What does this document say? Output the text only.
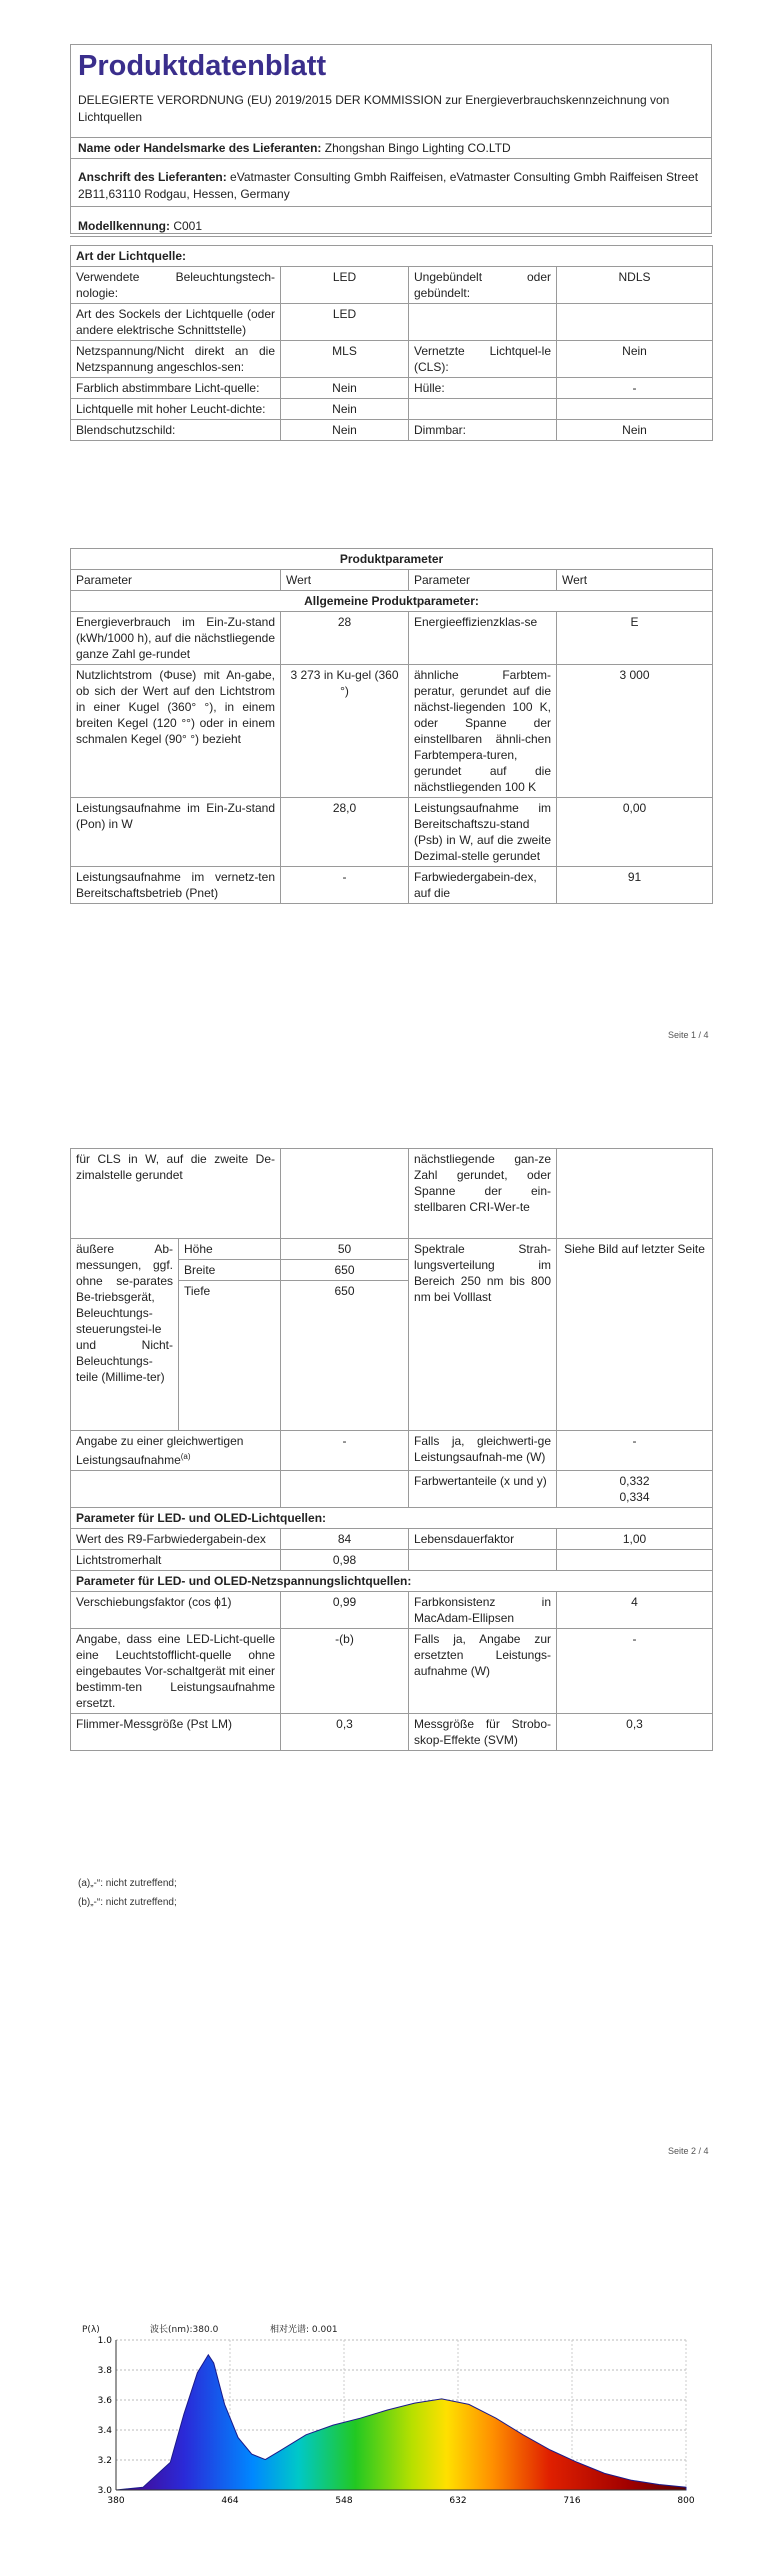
Produktdatenblatt
DELEGIERTE VERORDNUNG (EU) 2019/2015 DER KOMMISSION zur Energieverbrauchskennzeichnung von Lichtquellen
Name oder Handelsmarke des Lieferanten: Zhongshan Bingo Lighting CO.LTD
Anschrift des Lieferanten: eVatmaster Consulting Gmbh Raiffeisen, eVatmaster Consulting Gmbh Raiffeisen Street 2B11,63110 Rodgau, Hessen, Germany
Modellkennung: C001
Art der Lichtquelle:			
Verwendete Beleuchtungstech-nologie:	LED	Ungebündelt oder gebündelt:	NDLS
Art des Sockels der Lichtquelle (oder andere elektrische Schnittstelle)	LED		
Netzspannung/Nicht direkt an die Netzspannung angeschlos-sen:	MLS	Vernetzte Lichtquel-le (CLS):	Nein
Farblich abstimmbare Licht-quelle:	Nein	Hülle:	-
Lichtquelle mit hoher Leucht-dichte:	Nein		
Blendschutzschild:	Nein	Dimmbar:	Nein
Produktparameter			
Parameter	Wert	Parameter	Wert
Allgemeine Produktparameter:			
Energieverbrauch im Ein-Zu-stand (kWh/1000 h), auf die nächstliegende ganze Zahl ge-rundet	28	Energieeffizienzklas-se	E
Nutzlichtstrom (Φuse) mit An-gabe, ob sich der Wert auf den Lichtstrom in einer Kugel (360° °), in einem breiten Kegel (120 °°) oder in einem schmalen Kegel (90° °) bezieht	3 273 in Ku-gel (360 °)	ähnliche Farbtem-peratur, gerundet auf die nächst-liegenden 100 K, oder Spanne der einstellbaren ähnli-chen Farbtempera-turen, gerundet auf die nächstliegenden 100 K	3 000
Leistungsaufnahme im Ein-Zu-stand (Pon) in W	28,0	Leistungsaufnahme im Bereitschaftszu-stand (Psb) in W, auf die zweite Dezimal-stelle gerundet	0,00
Leistungsaufnahme im vernetz-ten Bereitschaftsbetrieb (Pnet)	-	Farbwiedergabein-dex, auf die	91
Seite 1 / 4
für CLS in W, auf die zweite De-zimalstelle gerundet			nächstliegende gan-ze Zahl gerundet, oder Spanne der ein-stellbaren CRI-Wer-te	
äußere Ab-messungen, ggf. ohne se-parates Be-triebsgerät, Beleuchtungs-steuerungstei-le und Nicht-Beleuchtungs-teile (Millime-ter)	Höhe	50	Spektrale Strah-lungsverteilung im Bereich 250 nm bis 800 nm bei Volllast	Siehe Bild auf letzter Seite
	Breite	650		
	Tiefe	650		
Angabe zu einer gleichwertigen Leistungsaufnahme$^{(a)}$		-	Falls ja, gleichwerti-ge Leistungsaufnah-me (W)	-
			Farbwertanteile (x und y)	0,332
0,334

Parameter für LED- und OLED-Lichtquellen:				
Wert des R9-Farbwiedergabein-dex		84	Lebensdauerfaktor	1,00
Lichtstromerhalt		0,98		
Parameter für LED- und OLED-Netzspannungslichtquellen:				
Verschiebungsfaktor (cos ϕ1)		0,99	Farbkonsistenz in MacAdam-Ellipsen	4
Angabe, dass eine LED-Licht-quelle eine Leuchtstofflicht-quelle ohne eingebautes Vor-schaltgerät mit einer bestimm-ten Leistungsaufnahme ersetzt.		-(b)	Falls ja, Angabe zur ersetzten Leistungs-aufnahme (W)	-
Flimmer-Messgröße (Pst LM)		0,3	Messgröße für Strobo-skop-Effekte (SVM)	0,3
(a)„-“: nicht zutreffend;
(b)„-“: nicht zutreffend;
Seite 2 / 4
P(λ)	波长(nm):380.0	相对光谱: 0.001
1.0
3.8
3.6
3.4
3.2
3.0
380	464	548	632	716	800
